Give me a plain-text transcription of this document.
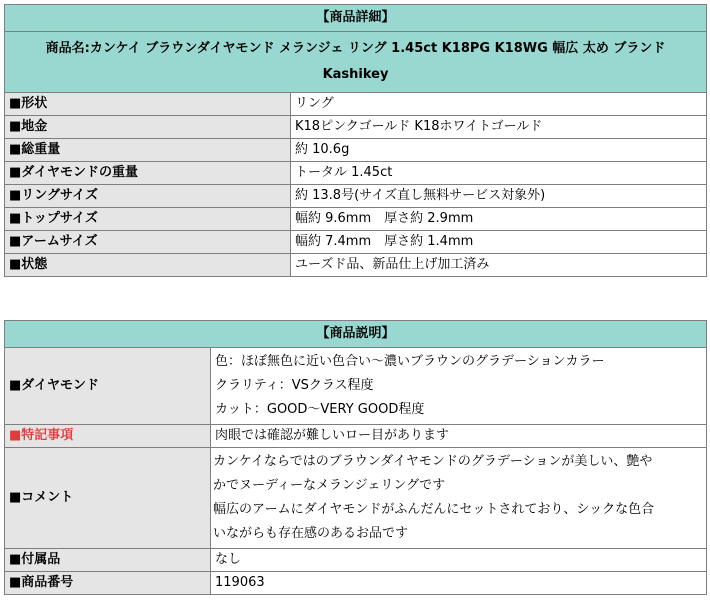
【商品詳細】	

商品名:カンケイ ブラウンダイヤモンド メランジェ リング 1.45ct K18PG K18WG 幅広 太め ブランド
Kashikey	

■形状	リング
■地金	K18ピンクゴールド K18ホワイトゴールド
■総重量	約 10.6g
■ダイヤモンドの重量	トータル 1.45ct
■リングサイズ	約 13.8号(サイズ直し無料サービス対象外)
■トップサイズ	幅約 9.6mm　厚さ約 2.9mm
■アームサイズ	幅約 7.4mm　厚さ約 1.4mm
■状態	ユーズド品、新品仕上げ加工済み
【商品説明】	
■ダイヤモンド	色：ほぼ無色に近い色合い〜濃いブラウンのグラデーションカラー
クラリティ：VSクラス程度
カット：GOOD〜VERY GOOD程度

■特記事項	肉眼では確認が難しいロー目があります
■コメント	カンケイならではのブラウンダイヤモンドのグラデーションが美しい、艶や
かでヌーディーなメランジェリングです
幅広のアームにダイヤモンドがふんだんにセットされており、シックな色合
いながらも存在感のあるお品です

■付属品	なし
■商品番号	119063
